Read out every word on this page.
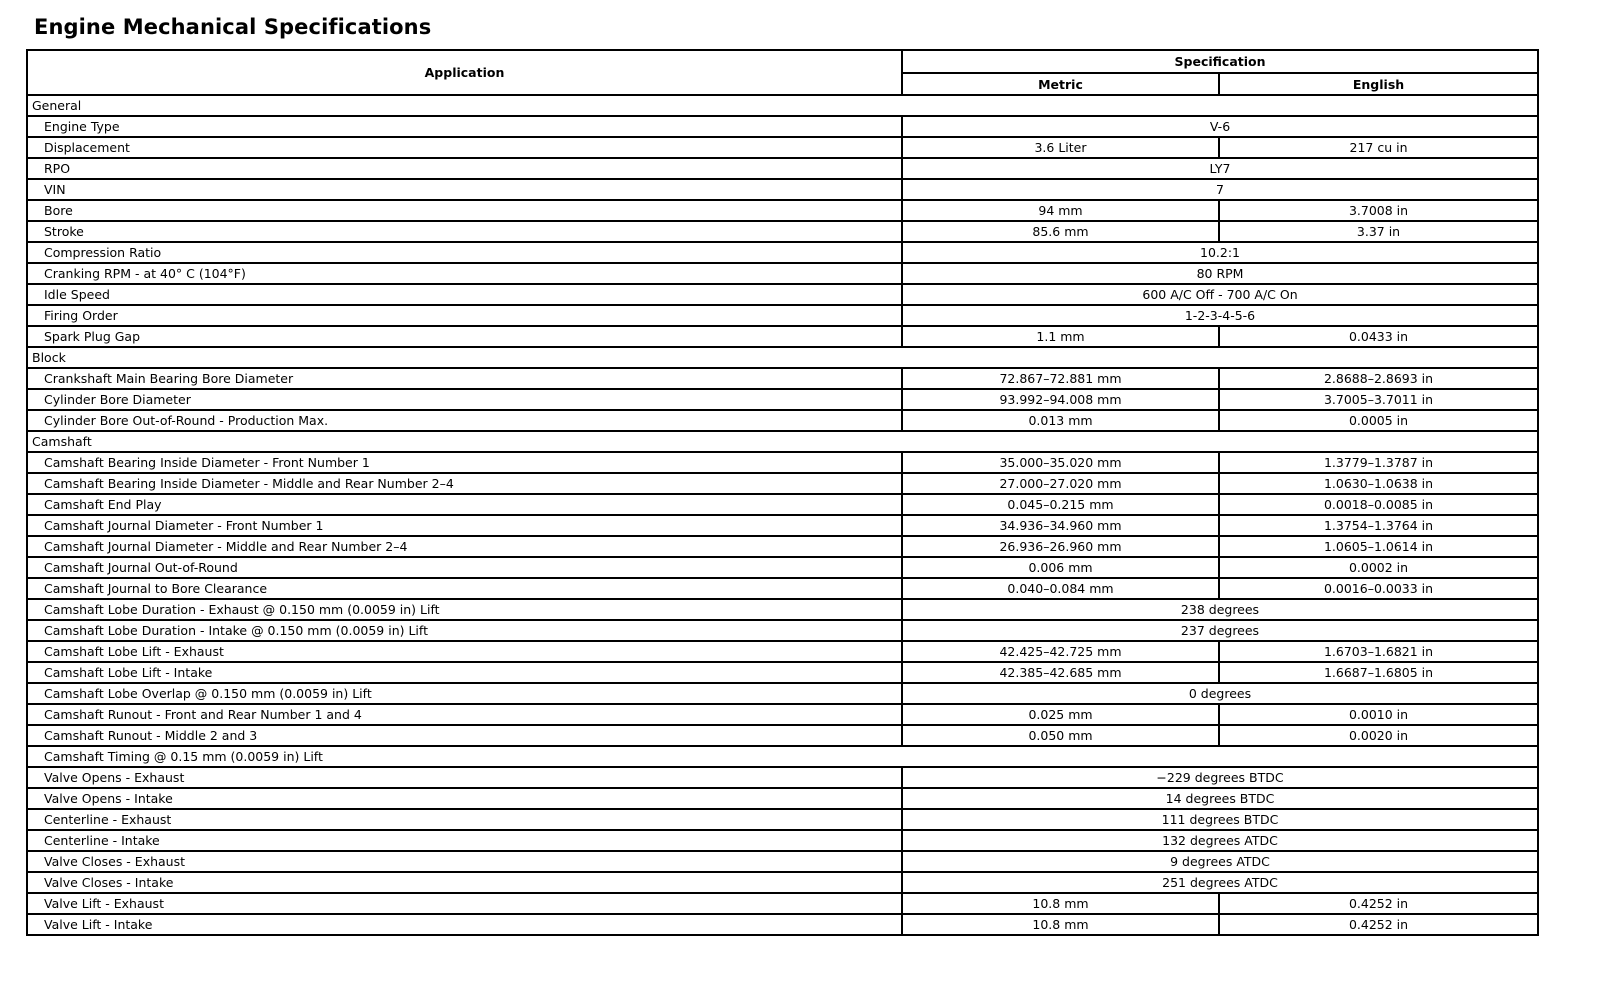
Engine Mechanical Specifications
Application	Specification	
	Metric	English
General		
Engine Type	V-6	
Displacement	3.6 Liter	217 cu in
RPO	LY7	
VIN	7	
Bore	94 mm	3.7008 in
Stroke	85.6 mm	3.37 in
Compression Ratio	10.2:1	
Cranking RPM - at 40° C (104°F)	80 RPM	
Idle Speed	600 A/C Off - 700 A/C On	
Firing Order	1-2-3-4-5-6	
Spark Plug Gap	1.1 mm	0.0433 in
Block		
Crankshaft Main Bearing Bore Diameter	72.867–72.881 mm	2.8688–2.8693 in
Cylinder Bore Diameter	93.992–94.008 mm	3.7005–3.7011 in
Cylinder Bore Out-of-Round - Production Max.	0.013 mm	0.0005 in
Camshaft		
Camshaft Bearing Inside Diameter - Front Number 1	35.000–35.020 mm	1.3779–1.3787 in
Camshaft Bearing Inside Diameter - Middle and Rear Number 2–4	27.000–27.020 mm	1.0630–1.0638 in
Camshaft End Play	0.045–0.215 mm	0.0018–0.0085 in
Camshaft Journal Diameter - Front Number 1	34.936–34.960 mm	1.3754–1.3764 in
Camshaft Journal Diameter - Middle and Rear Number 2–4	26.936–26.960 mm	1.0605–1.0614 in
Camshaft Journal Out-of-Round	0.006 mm	0.0002 in
Camshaft Journal to Bore Clearance	0.040–0.084 mm	0.0016–0.0033 in
Camshaft Lobe Duration - Exhaust @ 0.150 mm (0.0059 in) Lift	238 degrees	
Camshaft Lobe Duration - Intake @ 0.150 mm (0.0059 in) Lift	237 degrees	
Camshaft Lobe Lift - Exhaust	42.425–42.725 mm	1.6703–1.6821 in
Camshaft Lobe Lift - Intake	42.385–42.685 mm	1.6687–1.6805 in
Camshaft Lobe Overlap @ 0.150 mm (0.0059 in) Lift	0 degrees	
Camshaft Runout - Front and Rear Number 1 and 4	0.025 mm	0.0010 in
Camshaft Runout - Middle 2 and 3	0.050 mm	0.0020 in
Camshaft Timing @ 0.15 mm (0.0059 in) Lift		
Valve Opens - Exhaust	−229 degrees BTDC	
Valve Opens - Intake	14 degrees BTDC	
Centerline - Exhaust	111 degrees BTDC	
Centerline - Intake	132 degrees ATDC	
Valve Closes - Exhaust	9 degrees ATDC	
Valve Closes - Intake	251 degrees ATDC	
Valve Lift - Exhaust	10.8 mm	0.4252 in
Valve Lift - Intake	10.8 mm	0.4252 in
